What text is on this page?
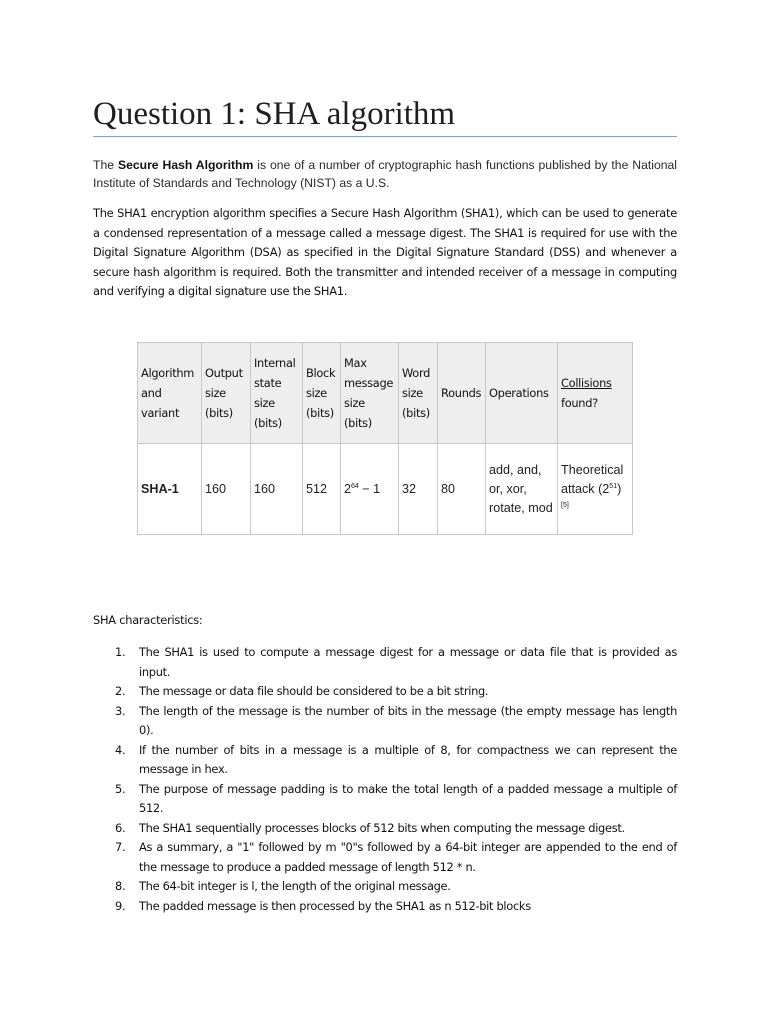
Question 1: SHA algorithm

The Secure Hash Algorithm is one of a number of cryptographic hash functions published by the National Institute of Standards and Technology (NIST) as a U.S.

The SHA1 encryption algorithm specifies a Secure Hash Algorithm (SHA1), which can be used to generate a condensed representation of a message called a message digest. The SHA1 is required for use with the Digital Signature Algorithm (DSA) as specified in the Digital Signature Standard (DSS) and whenever a secure hash algorithm is required. Both the transmitter and intended receiver of a message in computing and verifying a digital signature use the SHA1.

Algorithm and variant	Output size (bits)	Internal state size (bits)	Block size (bits)	Max message size (bits)	Word size (bits)	Rounds	Operations	Collisions
found?
SHA-1	160	160	512	$2^{64} - 1$	32	80	add, and, or, xor, rotate, mod	Theoretical attack $(2^{51})[5]$
SHA characteristics:
1. The SHA1 is used to compute a message digest for a message or data file that is provided as input.
2. The message or data file should be considered to be a bit string.
3. The length of the message is the number of bits in the message (the empty message has length 0).
4. If the number of bits in a message is a multiple of 8, for compactness we can represent the message in hex.
5. The purpose of message padding is to make the total length of a padded message a multiple of 512.
6. The SHA1 sequentially processes blocks of 512 bits when computing the message digest.
7. As a summary, a "1" followed by m "0"s followed by a 64-bit integer are appended to the end of the message to produce a padded message of length 512 * n.
8. The 64-bit integer is l, the length of the original message.
9. The padded message is then processed by the SHA1 as n 512-bit blocks
